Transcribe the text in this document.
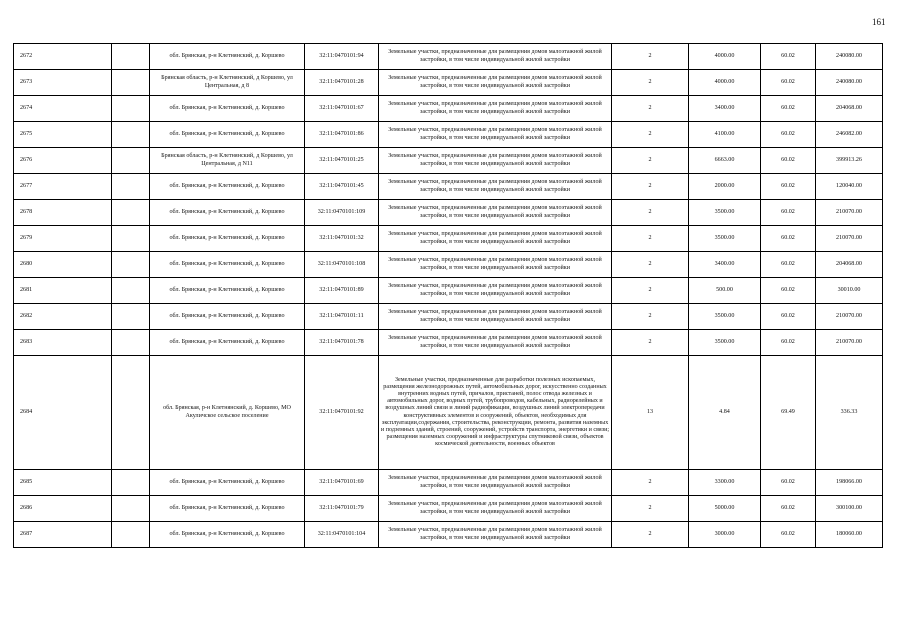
161
2672		обл. Брянская, р-н Клетнянский, д. Коршево	32:11:0470101:94	Земельные участки, предназначенные для размещения домов малоэтажной жилой застройки, в том числе индивидуальной жилой застройки	2	4000.00	60.02	240080.00
2673		Брянская область, р-н Клетнянский, д Коршево, ул Центральная, д 8	32:11:0470101:28	Земельные участки, предназначенные для размещения домов малоэтажной жилой застройки, в том числе индивидуальной жилой застройки	2	4000.00	60.02	240080.00
2674		обл. Брянская, р-н Клетнянский, д. Коршево	32:11:0470101:67	Земельные участки, предназначенные для размещения домов малоэтажной жилой застройки, в том числе индивидуальной жилой застройки	2	3400.00	60.02	204068.00
2675		обл. Брянская, р-н Клетнянский, д. Коршево	32:11:0470101:86	Земельные участки, предназначенные для размещения домов малоэтажной жилой застройки, в том числе индивидуальной жилой застройки	2	4100.00	60.02	246082.00
2676		Брянская область, р-н Клетнянский, д Коршево, ул Центральная, д N11	32:11:0470101:25	Земельные участки, предназначенные для размещения домов малоэтажной жилой застройки, в том числе индивидуальной жилой застройки	2	6663.00	60.02	399913.26
2677		обл. Брянская, р-н Клетнянский, д. Коршево	32:11:0470101:45	Земельные участки, предназначенные для размещения домов малоэтажной жилой застройки, в том числе индивидуальной жилой застройки	2	2000.00	60.02	120040.00
2678		обл. Брянская, р-н Клетнянский, д. Коршево	32:11:0470101:109	Земельные участки, предназначенные для размещения домов малоэтажной жилой застройки, в том числе индивидуальной жилой застройки	2	3500.00	60.02	210070.00
2679		обл. Брянская, р-н Клетнянский, д. Коршево	32:11:0470101:32	Земельные участки, предназначенные для размещения домов малоэтажной жилой застройки, в том числе индивидуальной жилой застройки	2	3500.00	60.02	210070.00
2680		обл. Брянская, р-н Клетнянский, д. Коршево	32:11:0470101:108	Земельные участки, предназначенные для размещения домов малоэтажной жилой застройки, в том числе индивидуальной жилой застройки	2	3400.00	60.02	204068.00
2681		обл. Брянская, р-н Клетнянский, д. Коршево	32:11:0470101:89	Земельные участки, предназначенные для размещения домов малоэтажной жилой застройки, в том числе индивидуальной жилой застройки	2	500.00	60.02	30010.00
2682		обл. Брянская, р-н Клетнянский, д. Коршево	32:11:0470101:11	Земельные участки, предназначенные для размещения домов малоэтажной жилой застройки, в том числе индивидуальной жилой застройки	2	3500.00	60.02	210070.00
2683		обл. Брянская, р-н Клетнянский, д. Коршево	32:11:0470101:78	Земельные участки, предназначенные для размещения домов малоэтажной жилой застройки, в том числе индивидуальной жилой застройки	2	3500.00	60.02	210070.00
2684		обл. Брянская, р-н Клетнянский, д. Коршево, МО Акуличское сельское поселение	32:11:0470101:92	Земельные участки, предназначенные для разработки полезных ископаемых, размещения железнодорожных путей, автомобильных дорог, искусственно созданных внутренних водных путей, причалов, пристаней, полос отвода железных и автомобильных дорог, водных путей, трубопроводов, кабельных, радиорелейных и воздушных линий связи и линий радиофикации, воздушных линий электропередачи конструктивных элементов и сооружений, объектов, необходимых для эксплуатации,содержания, строительства, реконструкции, ремонта, развития наземных и подземных зданий, строений, сооружений, устройств транспорта, энергетики и связи; размещения наземных сооружений и инфраструктуры спутниковой связи, объектов космической деятельности, военных объектов	13	4.84	69.49	336.33
2685		обл. Брянская, р-н Клетнянский, д. Коршево	32:11:0470101:69	Земельные участки, предназначенные для размещения домов малоэтажной жилой застройки, в том числе индивидуальной жилой застройки	2	3300.00	60.02	198066.00
2686		обл. Брянская, р-н Клетнянский, д. Коршево	32:11:0470101:79	Земельные участки, предназначенные для размещения домов малоэтажной жилой застройки, в том числе индивидуальной жилой застройки	2	5000.00	60.02	300100.00
2687		обл. Брянская, р-н Клетнянский, д. Коршево	32:11:0470101:104	Земельные участки, предназначенные для размещения домов малоэтажной жилой застройки, в том числе индивидуальной жилой застройки	2	3000.00	60.02	180060.00
